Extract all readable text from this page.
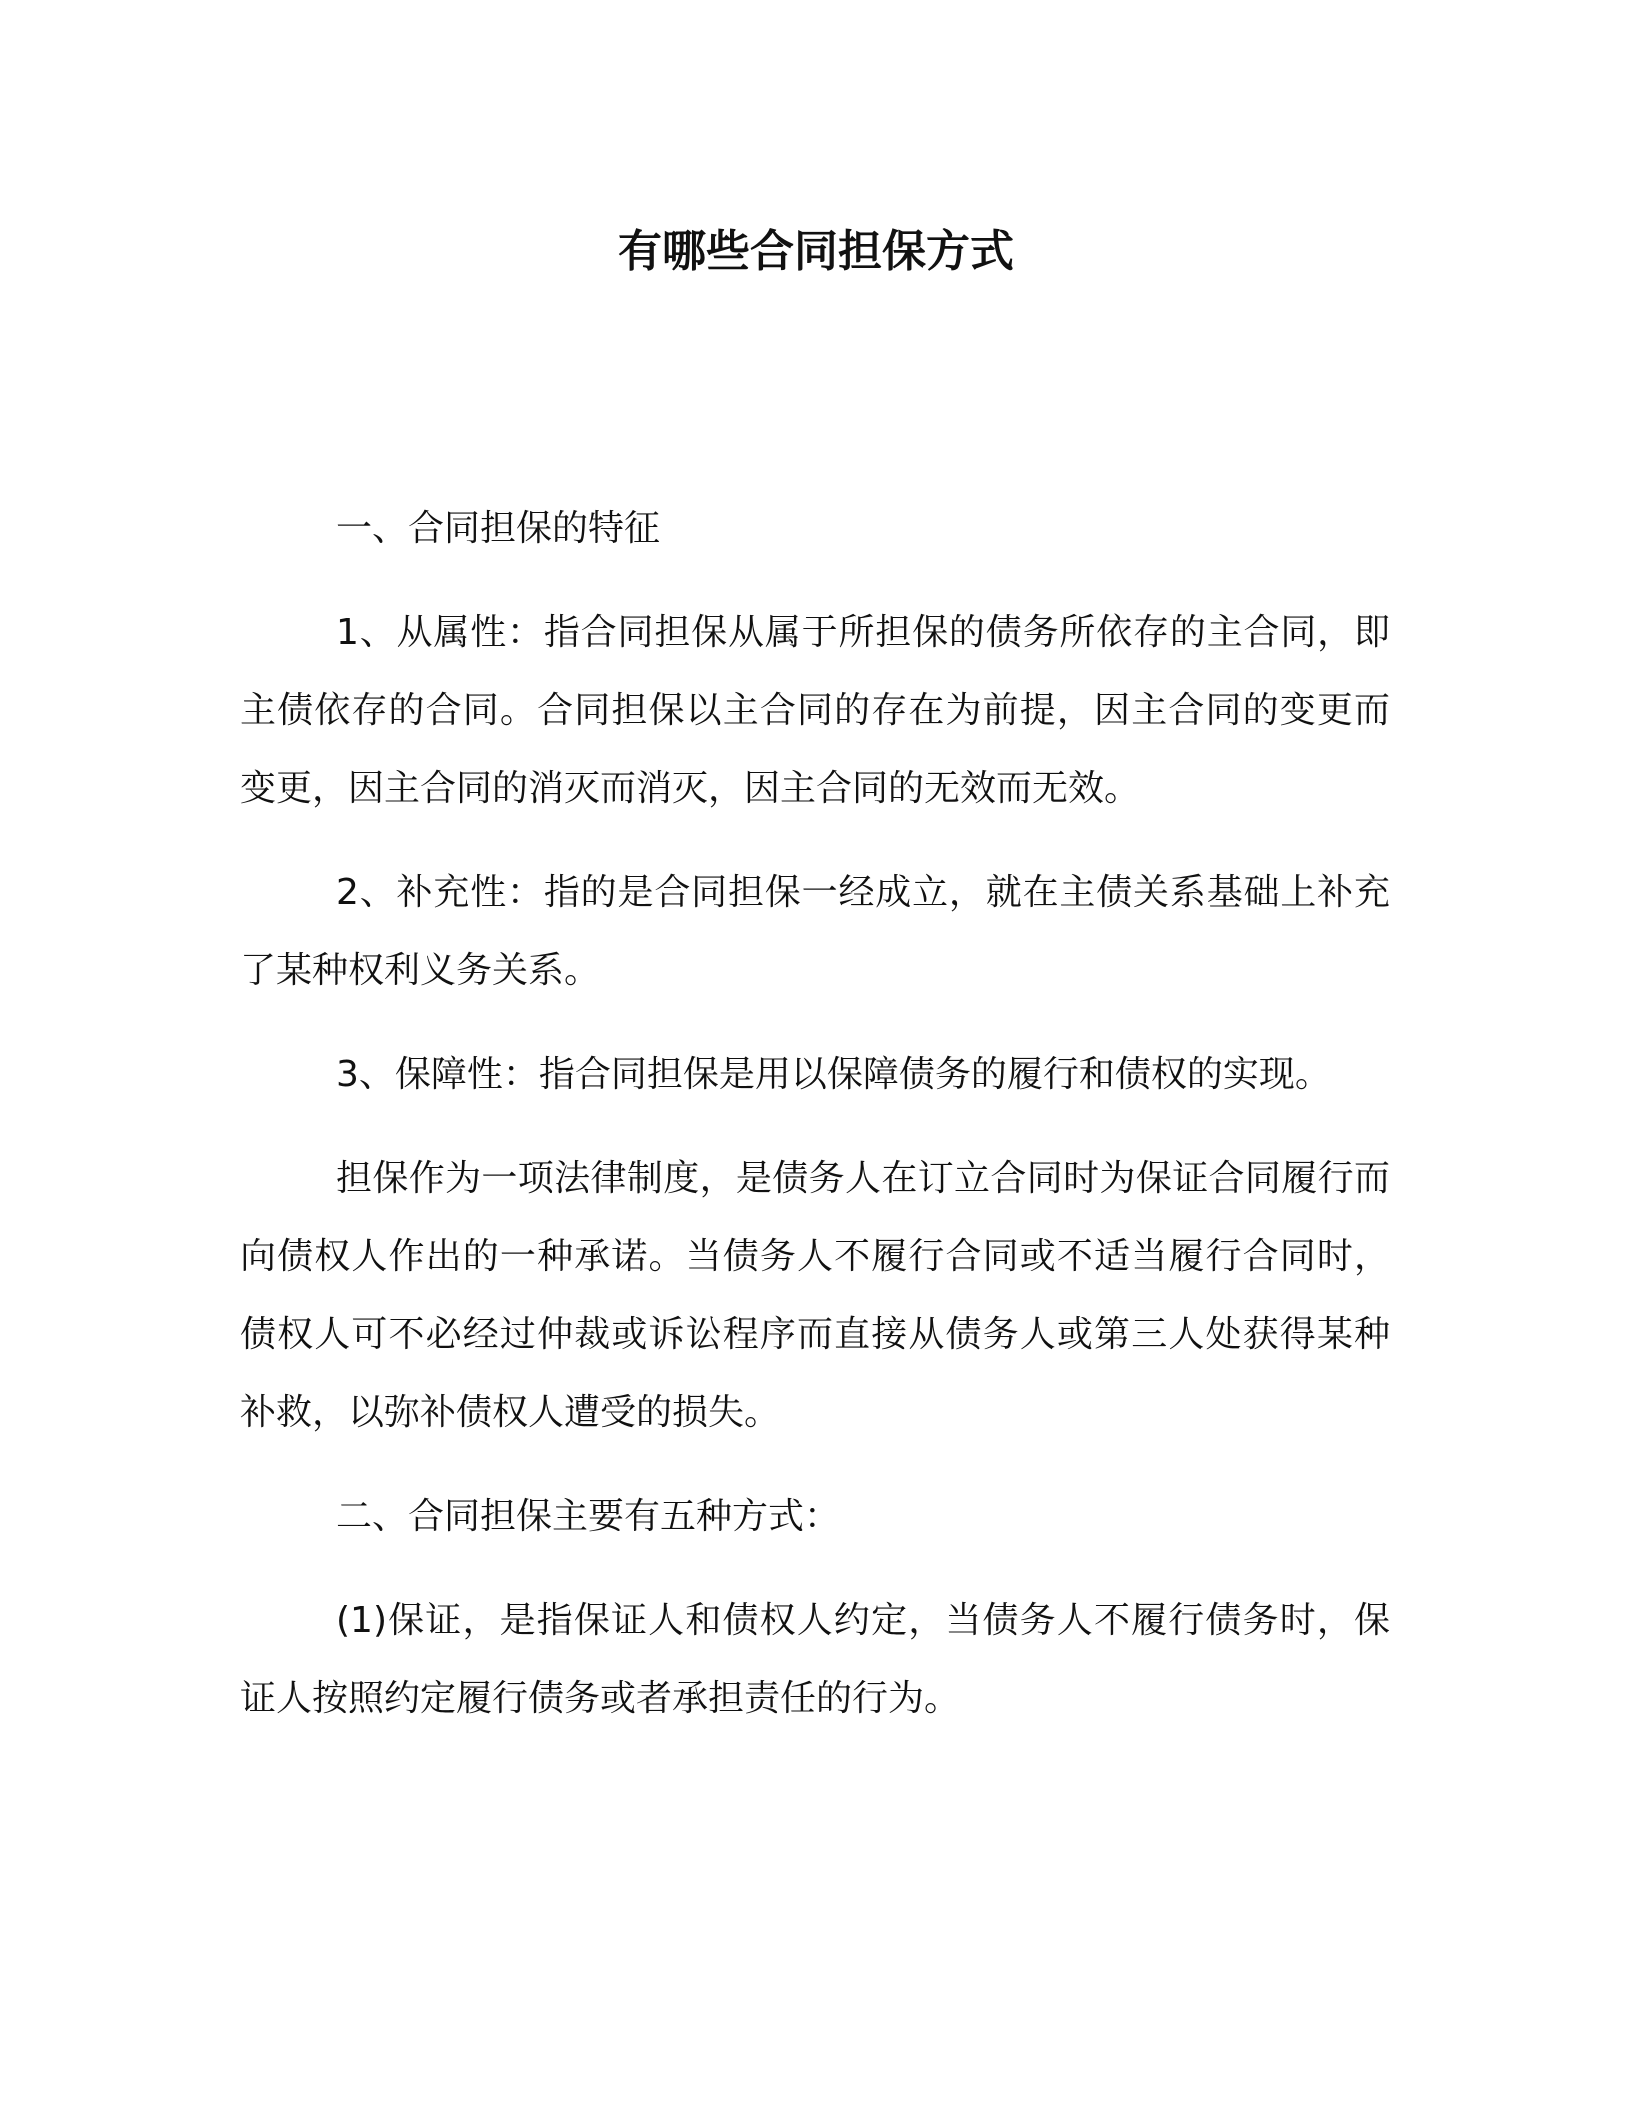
有哪些合同担保方式

一、合同担保的特征

1、从属性：指合同担保从属于所担保的债务所依存的主合同，即主债依存的合同。合同担保以主合同的存在为前提，因主合同的变更而变更，因主合同的消灭而消灭，因主合同的无效而无效。

2、补充性：指的是合同担保一经成立，就在主债关系基础上补充了某种权利义务关系。

3、保障性：指合同担保是用以保障债务的履行和债权的实现。

担保作为一项法律制度，是债务人在订立合同时为保证合同履行而向债权人作出的一种承诺。当债务人不履行合同或不适当履行合同时，债权人可不必经过仲裁或诉讼程序而直接从债务人或第三人处获得某种补救，以弥补债权人遭受的损失。

二、合同担保主要有五种方式：

(1)保证，是指保证人和债权人约定，当债务人不履行债务时，保证人按照约定履行债务或者承担责任的行为。
